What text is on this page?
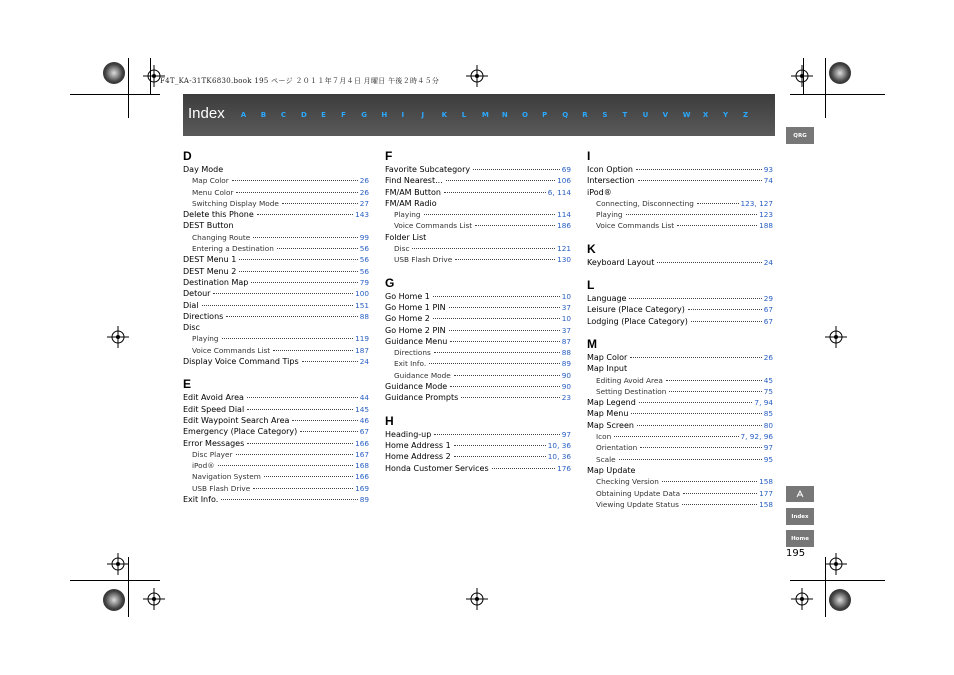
F4T_KA-31TK6830.book 195 ページ ２０１１年７月４日 月曜日 午後２時４５分
Index A	B	C	D	E	F	G	H	I	J	K	L	M	N	O	P	Q	R	S	T	U	V	W	X	Y	Z
QRG
Index
Home
195
D
Day Mode
Map Color	26
Menu Color	26
Switching Display Mode	27
Delete this Phone	143
DEST Button
Changing Route	99
Entering a Destination	56
DEST Menu 1	56
DEST Menu 2	56
Destination Map	79
Detour	100
Dial	151
Directions	88
Disc
Playing	119
Voice Commands List	187
Display Voice Command Tips	24
E
Edit Avoid Area	44
Edit Speed Dial	145
Edit Waypoint Search Area	46
Emergency (Place Category)	67
Error Messages	166
Disc Player	167
iPod®	168
Navigation System	166
USB Flash Drive	169
Exit Info.	89
F
Favorite Subcategory	69
Find Nearest...	106
FM/AM Button	6, 114
FM/AM Radio
Playing	114
Voice Commands List	186
Folder List
Disc	121
USB Flash Drive	130
G
Go Home 1	10
Go Home 1 PIN	37
Go Home 2	10
Go Home 2 PIN	37
Guidance Menu	87
Directions	88
Exit Info.	89
Guidance Mode	90
Guidance Mode	90
Guidance Prompts	23
H
Heading-up	97
Home Address 1	10, 36
Home Address 2	10, 36
Honda Customer Services	176
I
Icon Option	93
Intersection	74
iPod®
Connecting, Disconnecting	123, 127
Playing	123
Voice Commands List	188
K
Keyboard Layout	24
L
Language	29
Leisure (Place Category)	67
Lodging (Place Category)	67
M
Map Color	26
Map Input
Editing Avoid Area	45
Setting Destination	75
Map Legend	7, 94
Map Menu	85
Map Screen	80
Icon	7, 92, 96
Orientation	97
Scale	95
Map Update
Checking Version	158
Obtaining Update Data	177
Viewing Update Status	158
